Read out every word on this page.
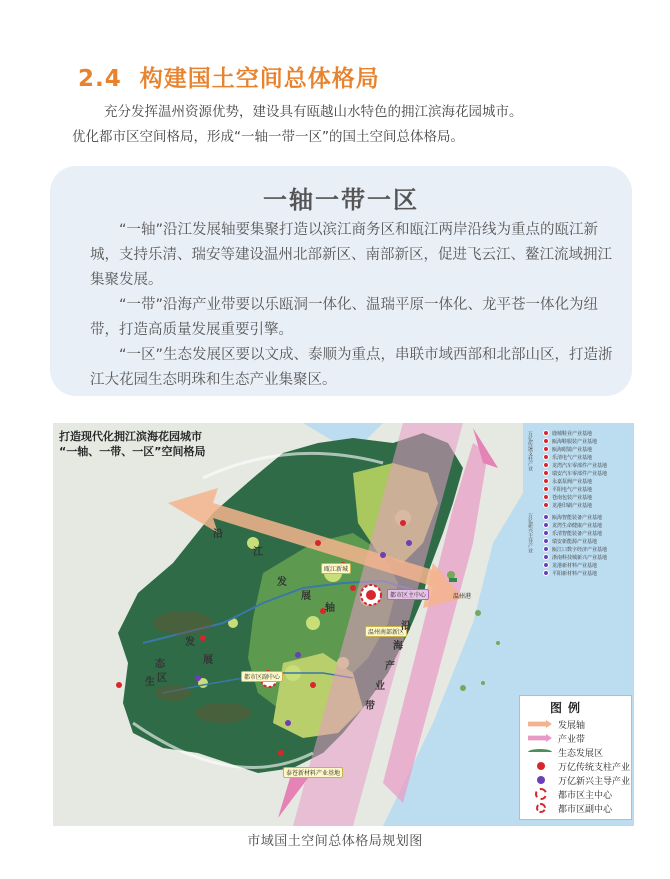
2.4 构建国土空间总体格局

充分发挥温州资源优势，建设具有瓯越山水特色的拥江滨海花园城市。

优化都市区空间格局，形成“一轴一带一区”的国土空间总体格局。

一轴一带一区

“一轴”沿江发展轴要集聚打造以滨江商务区和瓯江两岸沿线为重点的瓯江新城，支持乐清、瑞安等建设温州北部新区、南部新区，促进飞云江、鳌江流域拥江集聚发展。

“一带”沿海产业带要以乐瓯洞一体化、温瑞平原一体化、龙平苍一体化为纽带，打造高质量发展重要引擎。

“一区”生态发展区要以文成、泰顺为重点，串联市域西部和北部山区，打造浙江大花园生态明珠和生态产业集聚区。

打造现代化拥江滨海花园城市
“一轴、一带、一区”空间格局
瓯江新城
都市区主中心
都市区副中心
温州南部新区
泰苍新材料产业基地
温州港
沿
江
发
展
轴
生
态
发
展
区
沿
海
产
业
带
万亿传统支柱产业
万亿新兴主导产业
鹿城鞋业产业基地
瓯海鞋服装产业基地
瓯海眼镜产业基地
乐清电气产业基地
龙湾汽车零部件产业基地
瑞安汽车零部件产业基地
永嘉泵阀产业基地
平阳电气产业基地
苍南包装产业基地
龙港印刷产业基地
瓯海智能装备产业基地
龙湾生命健康产业基地
乐清智能装备产业基地
瑞安新能源产业基地
瓯江口数字经济产业基地
浙南科技城新兴产业基地
龙港新材料产业基地
平阳新材料产业基地
图例
发展轴
产业带
生态发展区
万亿传统支柱产业
万亿新兴主导产业
都市区主中心
都市区副中心
市域国土空间总体格局规划图
